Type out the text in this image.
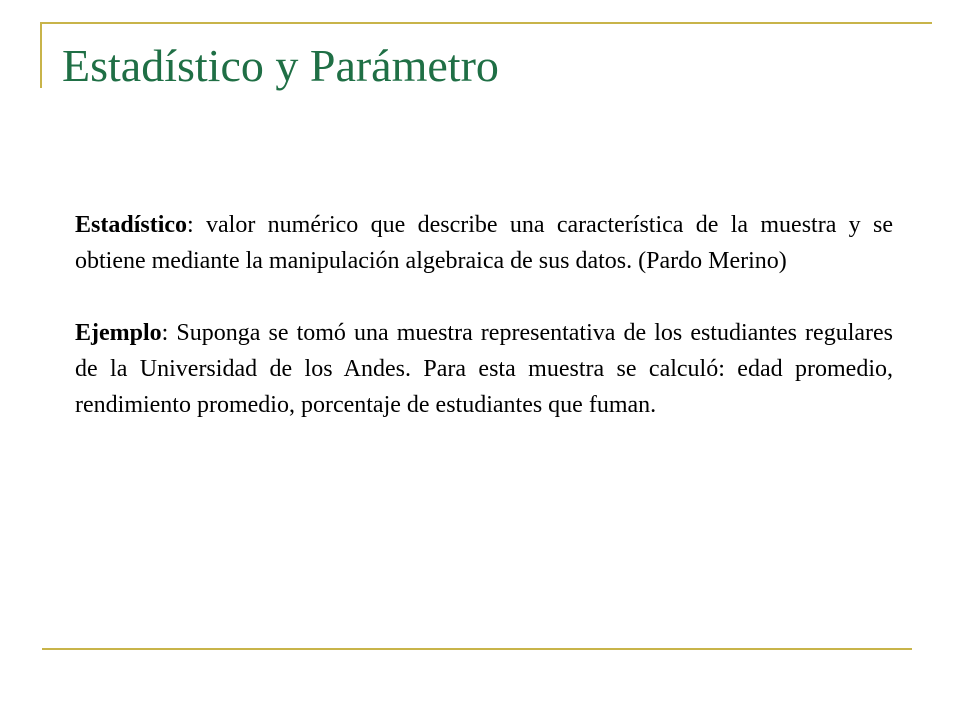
Estadístico y Parámetro

Estadístico: valor numérico que describe una característica de la muestra y se obtiene mediante la manipulación algebraica de sus datos. (Pardo Merino)

Ejemplo: Suponga se tomó una muestra representativa de los estudiantes regulares de la Universidad de los Andes. Para esta muestra se calculó: edad promedio, rendimiento promedio, porcentaje de estudiantes que fuman.
